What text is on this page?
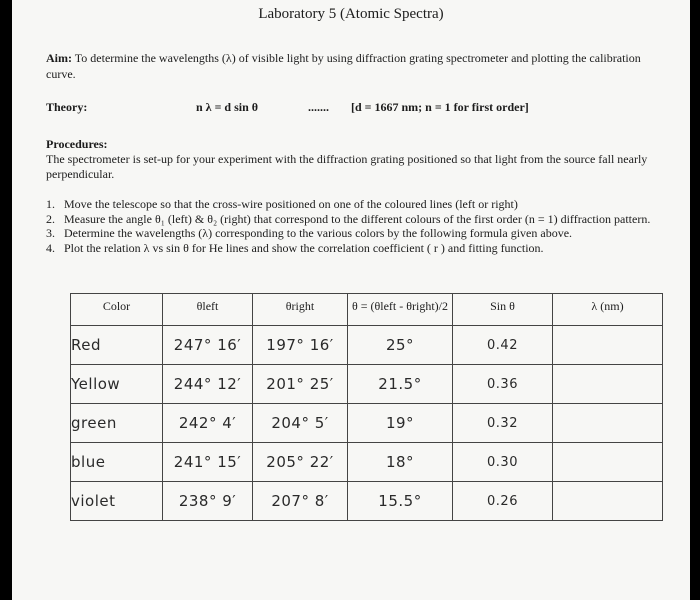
Laboratory 5 (Atomic Spectra)
Aim: To determine the wavelengths (λ) of visible light by using diffraction grating spectrometer and plotting the calibration curve.
Theory:	n λ = d sin θ	....... [d = 1667 nm; n = 1 for first order]
Procedures:
The spectrometer is set-up for your experiment with the diffraction grating positioned so that light from the source fall nearly perpendicular.
1. Move the telescope so that the cross-wire positioned on one of the coloured lines (left or right)
2. Measure the angle θ₁ (left) & θ₂ (right) that correspond to the different colours of the first order (n = 1) diffraction pattern.
3. Determine the wavelengths (λ) corresponding to the various colors by the following formula given above.
4. Plot the relation λ vs sin θ for He lines and show the correlation coefficient ( r ) and fitting function.
Color	θleft	θright	θ = (θleft - θright)/2	Sin θ	λ (nm)
Red	247° 16′	197° 16′	25°	0.42	
Yellow	244° 12′	201° 25′	21.5°	0.36	
green	242° 4′	204° 5′	19°	0.32	
blue	241° 15′	205° 22′	18°	0.30	
violet	238° 9′	207° 8′	15.5°	0.26	
